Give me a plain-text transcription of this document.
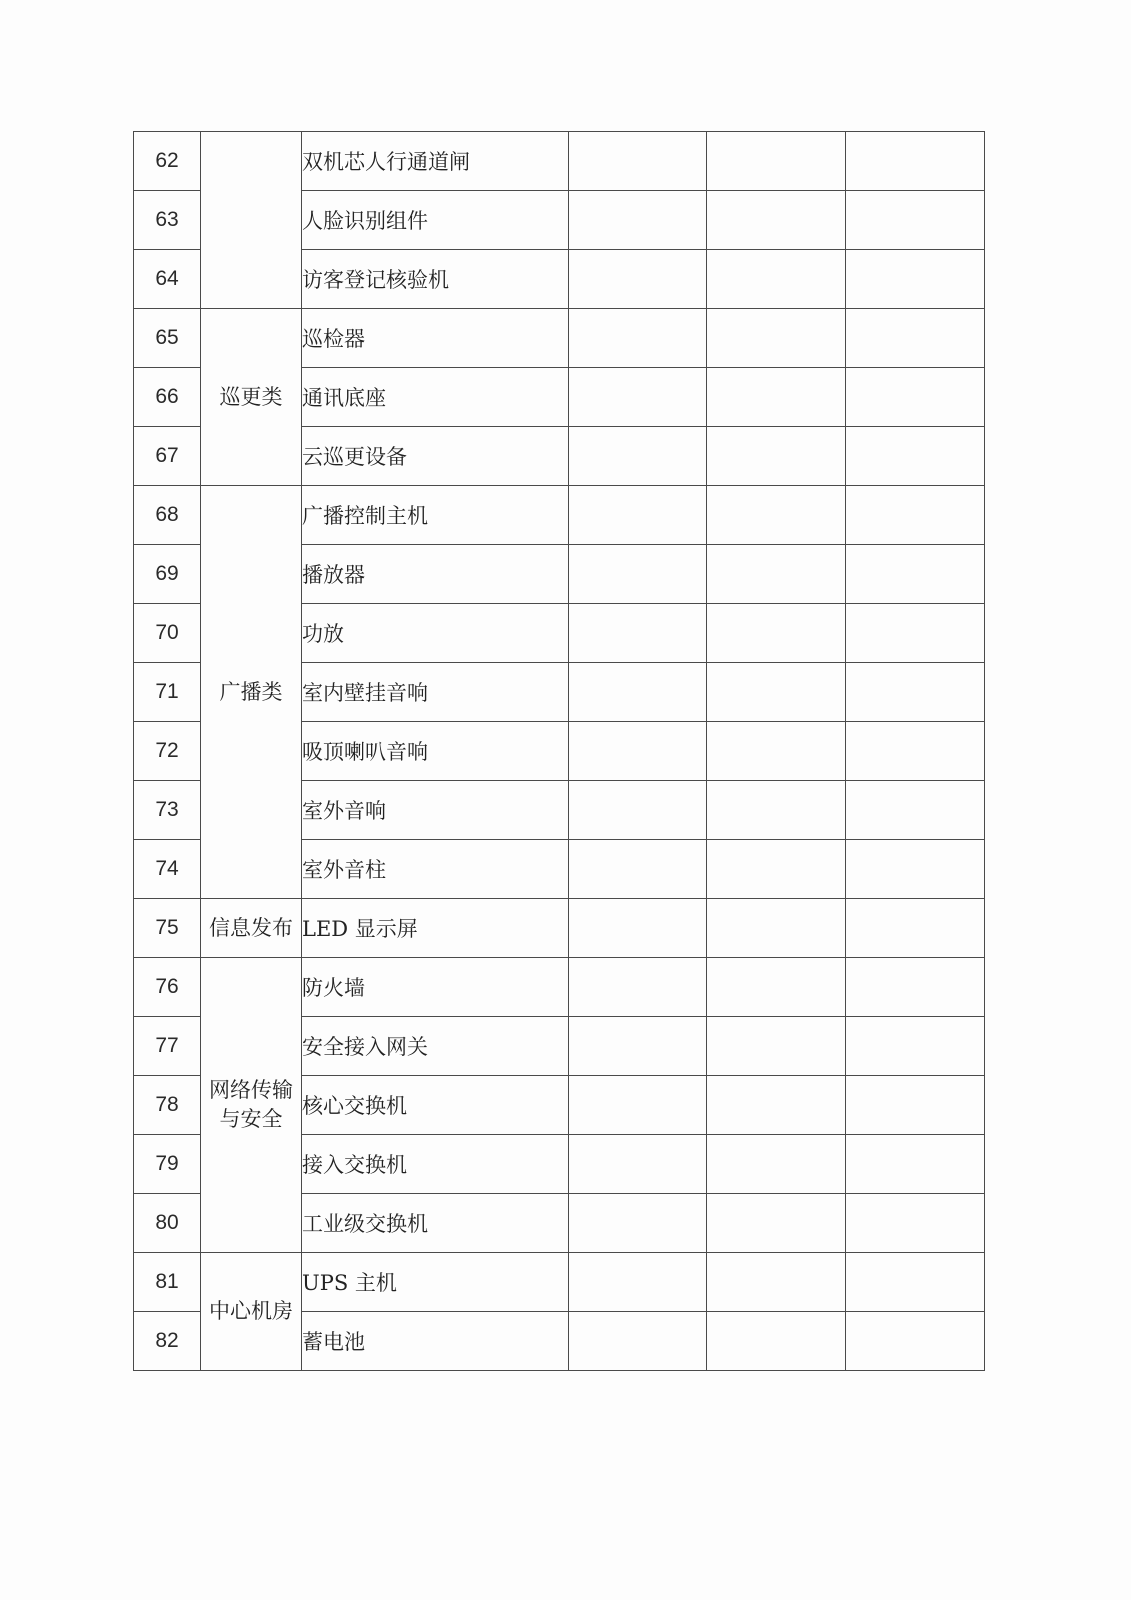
62		双机芯人行通道闸			
63		人脸识别组件			
64		访客登记核验机			
65	巡更类	巡检器			
66		通讯底座			
67		云巡更设备			
68	广播类	广播控制主机			
69		播放器			
70		功放			
71		室内壁挂音响			
72		吸顶喇叭音响			
73		室外音响			
74		室外音柱			
75	信息发布	LED 显示屏			
76	网络传输与安全	防火墙			
77		安全接入网关			
78		核心交换机			
79		接入交换机			
80		工业级交换机			
81	中心机房	UPS 主机			
82		蓄电池			
